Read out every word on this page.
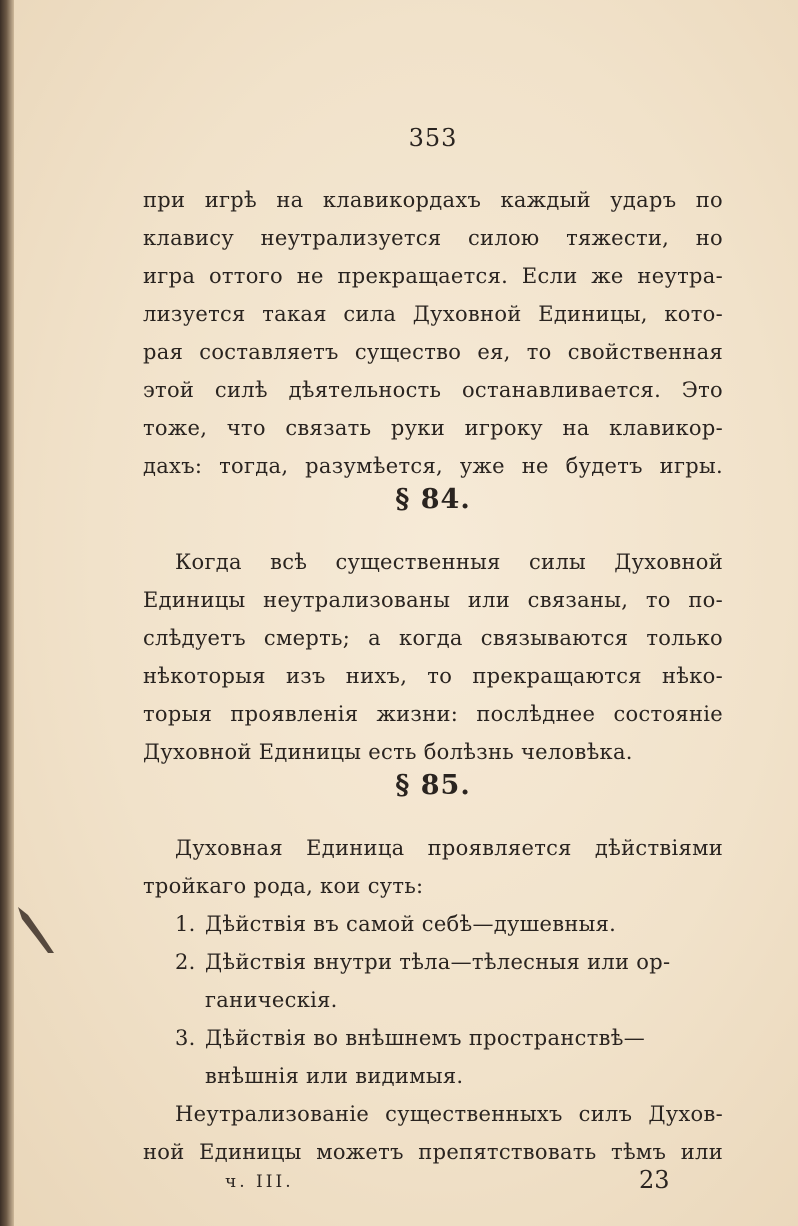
353
при игрѣ на клавикордахъ каждый ударъ по
клавису неутрализуется силою тяжести, но
игра оттого не прекращается. Если же неутра-
лизуется такая сила Духовной Единицы, кото-
рая составляетъ существо ея, то свойственная
этой силѣ дѣятельность останавливается. Это
тоже, что связать руки игроку на клавикор-
дахъ: тогда, разумѣется, уже не будетъ игры.
§ 84.
Когда всѣ существенныя силы Духовной
Единицы неутрализованы или связаны, то по-
слѣдуетъ смерть; а когда связываются только
нѣкоторыя изъ нихъ, то прекращаются нѣко-
торыя проявленія жизни: послѣднее состояніе
Духовной Единицы есть болѣзнь человѣка.
§ 85.
Духовная Единица проявляется дѣйствіями
тройкаго рода, кои суть:
1. Дѣйствія въ самой себѣ—душевныя.
2. Дѣйствія внутри тѣла—тѣлесныя или ор-
ганическія.
3. Дѣйствія во внѣшнемъ пространствѣ—
внѣшнія или видимыя.
Неутрализованіе существенныхъ силъ Духов-
ной Единицы можетъ препятствовать тѣмъ или
ч. III.	23
